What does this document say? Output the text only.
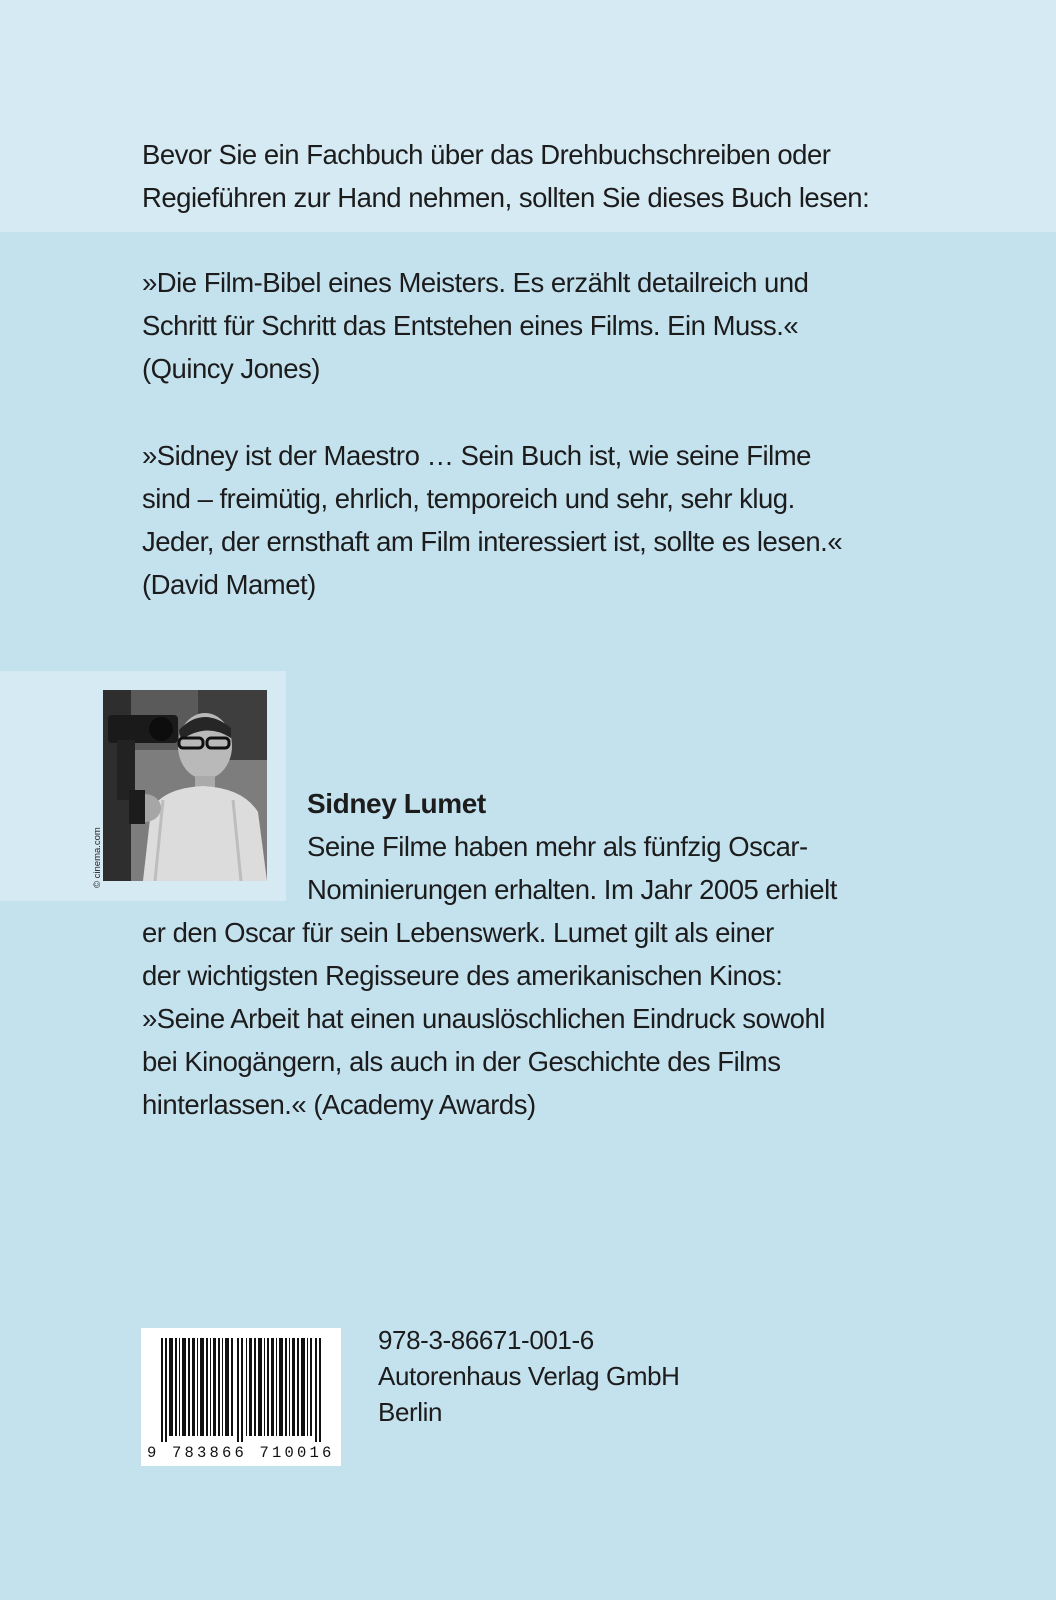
Bevor Sie ein Fachbuch über das Drehbuchschreiben oder

Regieführen zur Hand nehmen, sollten Sie dieses Buch lesen:

»Die Film-Bibel eines Meisters. Es erzählt detailreich und

Schritt für Schritt das Entstehen eines Films. Ein Muss.«

(Quincy Jones)

»Sidney ist der Maestro … Sein Buch ist, wie seine Filme

sind – freimütig, ehrlich, temporeich und sehr, sehr klug.

Jeder, der ernsthaft am Film interessiert ist, sollte es lesen.«

(David Mamet)

© cinema.com
Sidney Lumet
Seine Filme haben mehr als fünfzig Oscar-
Nominierungen erhalten. Im Jahr 2005 erhielt
er den Oscar für sein Lebenswerk. Lumet gilt als einer
der wichtigsten Regisseure des amerikanischen Kinos:
»Seine Arbeit hat einen unauslöschlichen Eindruck sowohl
bei Kinogängern, als auch in der Geschichte des Films
hinterlassen.« (Academy Awards)
9 783866 710016
978-3-86671-001-6
Autorenhaus Verlag GmbH
Berlin
